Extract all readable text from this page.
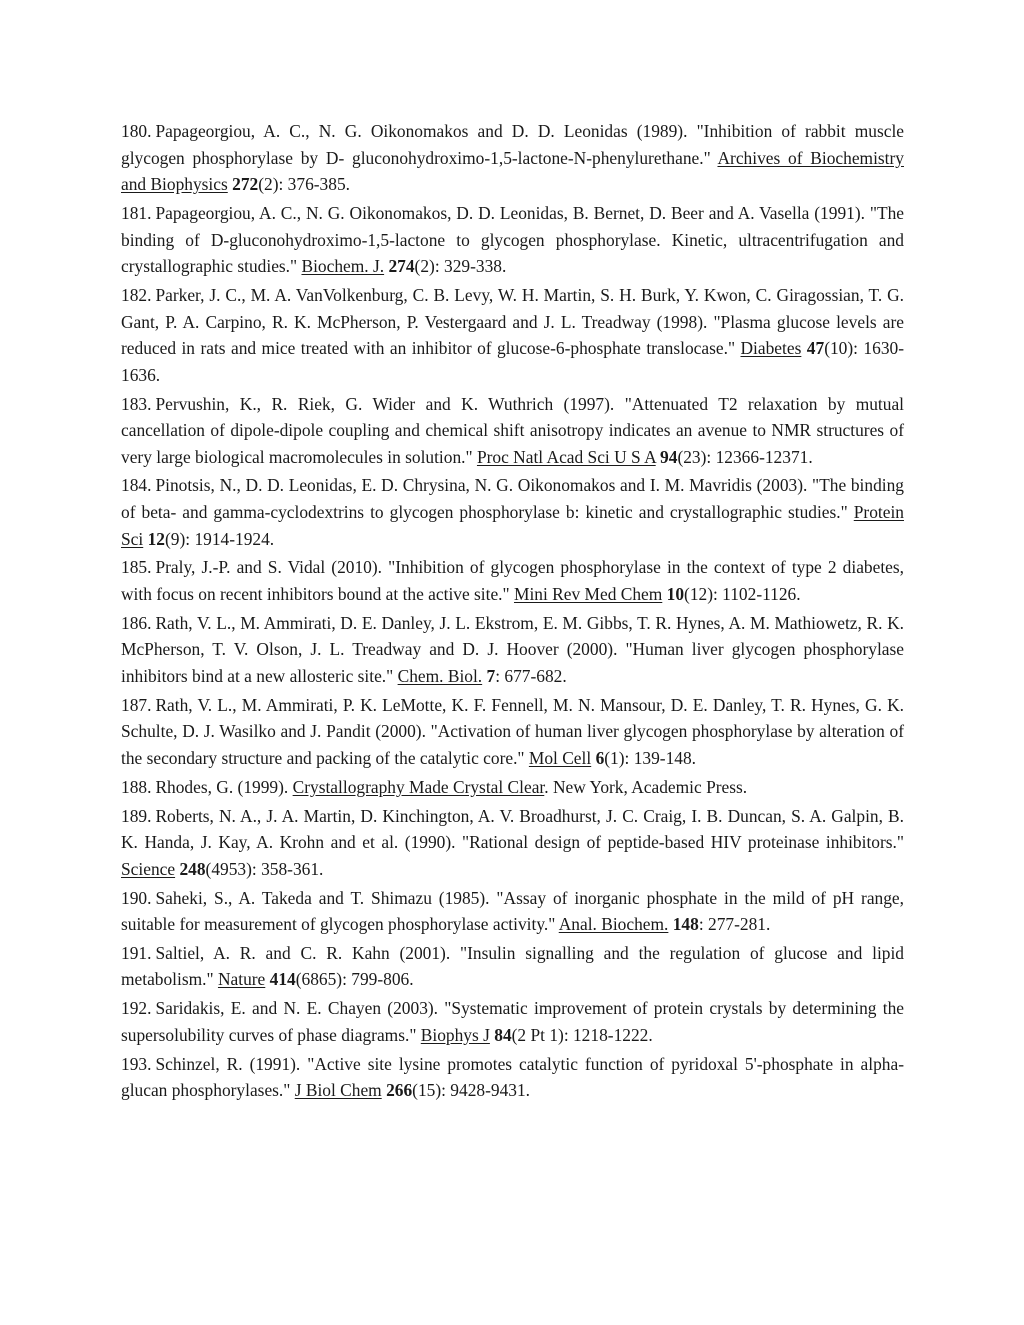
180. Papageorgiou, A. C., N. G. Oikonomakos and D. D. Leonidas (1989). "Inhibition of rabbit muscle glycogen phosphorylase by D- gluconohydroximo-1,5-lactone-N-phenylurethane." Archives of Biochemistry and Biophysics 272(2): 376-385.

181. Papageorgiou, A. C., N. G. Oikonomakos, D. D. Leonidas, B. Bernet, D. Beer and A. Vasella (1991). "The binding of D-gluconohydroximo-1,5-lactone to glycogen phosphorylase. Kinetic, ultracentrifugation and crystallographic studies." Biochem. J. 274(2): 329-338.

182. Parker, J. C., M. A. VanVolkenburg, C. B. Levy, W. H. Martin, S. H. Burk, Y. Kwon, C. Giragossian, T. G. Gant, P. A. Carpino, R. K. McPherson, P. Vestergaard and J. L. Treadway (1998). "Plasma glucose levels are reduced in rats and mice treated with an inhibitor of glucose-6-phosphate translocase." Diabetes 47(10): 1630-1636.

183. Pervushin, K., R. Riek, G. Wider and K. Wuthrich (1997). "Attenuated T2 relaxation by mutual cancellation of dipole-dipole coupling and chemical shift anisotropy indicates an avenue to NMR structures of very large biological macromolecules in solution." Proc Natl Acad Sci U S A 94(23): 12366-12371.

184. Pinotsis, N., D. D. Leonidas, E. D. Chrysina, N. G. Oikonomakos and I. M. Mavridis (2003). "The binding of beta- and gamma-cyclodextrins to glycogen phosphorylase b: kinetic and crystallographic studies." Protein Sci 12(9): 1914-1924.

185. Praly, J.-P. and S. Vidal (2010). "Inhibition of glycogen phosphorylase in the context of type 2 diabetes, with focus on recent inhibitors bound at the active site." Mini Rev Med Chem 10(12): 1102-1126.

186. Rath, V. L., M. Ammirati, D. E. Danley, J. L. Ekstrom, E. M. Gibbs, T. R. Hynes, A. M. Mathiowetz, R. K. McPherson, T. V. Olson, J. L. Treadway and D. J. Hoover (2000). "Human liver glycogen phosphorylase inhibitors bind at a new allosteric site." Chem. Biol. 7: 677-682.

187. Rath, V. L., M. Ammirati, P. K. LeMotte, K. F. Fennell, M. N. Mansour, D. E. Danley, T. R. Hynes, G. K. Schulte, D. J. Wasilko and J. Pandit (2000). "Activation of human liver glycogen phosphorylase by alteration of the secondary structure and packing of the catalytic core." Mol Cell 6(1): 139-148.

188. Rhodes, G. (1999). Crystallography Made Crystal Clear. New York, Academic Press.

189. Roberts, N. A., J. A. Martin, D. Kinchington, A. V. Broadhurst, J. C. Craig, I. B. Duncan, S. A. Galpin, B. K. Handa, J. Kay, A. Krohn and et al. (1990). "Rational design of peptide-based HIV proteinase inhibitors." Science 248(4953): 358-361.

190. Saheki, S., A. Takeda and T. Shimazu (1985). "Assay of inorganic phosphate in the mild of pH range, suitable for measurement of glycogen phosphorylase activity." Anal. Biochem. 148: 277-281.

191. Saltiel, A. R. and C. R. Kahn (2001). "Insulin signalling and the regulation of glucose and lipid metabolism." Nature 414(6865): 799-806.

192. Saridakis, E. and N. E. Chayen (2003). "Systematic improvement of protein crystals by determining the supersolubility curves of phase diagrams." Biophys J 84(2 Pt 1): 1218-1222.

193. Schinzel, R. (1991). "Active site lysine promotes catalytic function of pyridoxal 5'-phosphate in alpha-glucan phosphorylases." J Biol Chem 266(15): 9428-9431.
